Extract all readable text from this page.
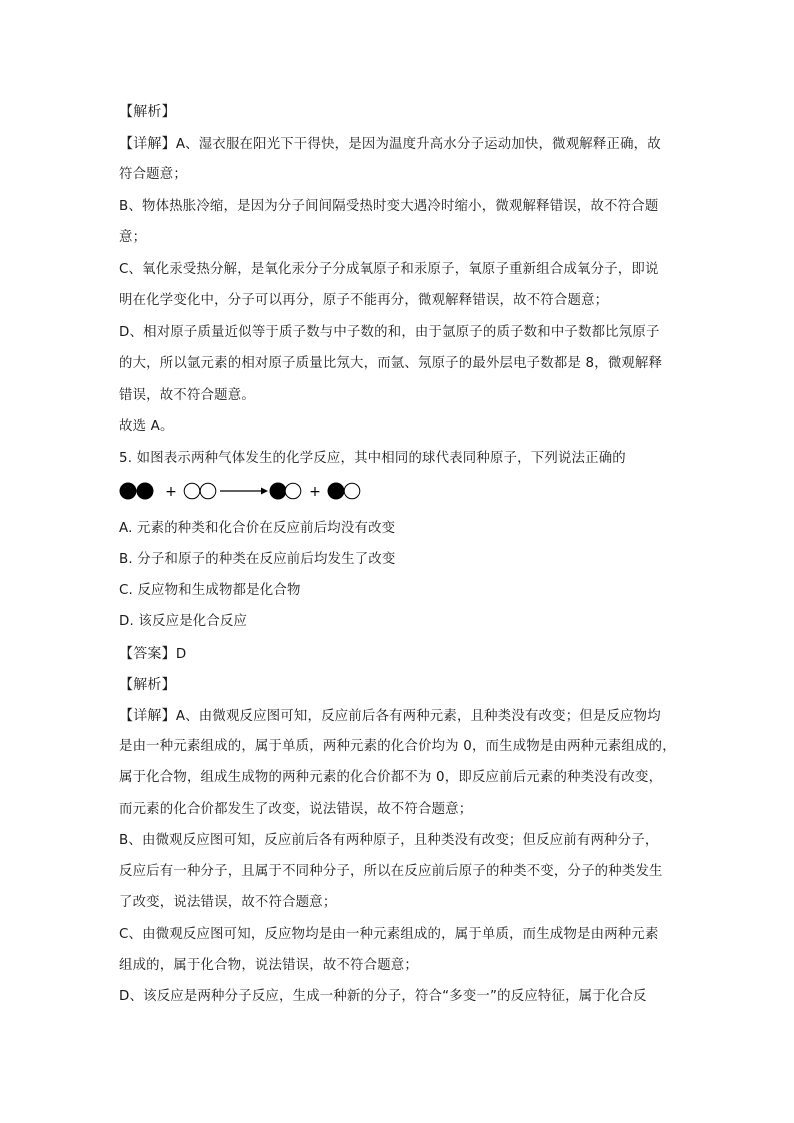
【解析】
【详解】A、湿衣服在阳光下干得快，是因为温度升高水分子运动加快，微观解释正确，故
符合题意；
B、物体热胀冷缩，是因为分子间间隔受热时变大遇冷时缩小，微观解释错误，故不符合题
意；
C、氧化汞受热分解，是氧化汞分子分成氧原子和汞原子，氧原子重新组合成氧分子，即说
明在化学变化中，分子可以再分，原子不能再分，微观解释错误，故不符合题意；
D、相对原子质量近似等于质子数与中子数的和，由于氩原子的质子数和中子数都比氖原子
的大，所以氩元素的相对原子质量比氖大，而氩、氖原子的最外层电子数都是 8，微观解释
错误，故不符合题意。
故选 A。
5. 如图表示两种气体发生的化学反应，其中相同的球代表同种原子，下列说法正确的
+	+
A. 元素的种类和化合价在反应前后均没有改变
B. 分子和原子的种类在反应前后均发生了改变
C. 反应物和生成物都是化合物
D. 该反应是化合反应
【答案】D
【解析】
【详解】A、由微观反应图可知，反应前后各有两种元素，且种类没有改变；但是反应物均
是由一种元素组成的，属于单质，两种元素的化合价均为 0，而生成物是由两种元素组成的，
属于化合物，组成生成物的两种元素的化合价都不为 0，即反应前后元素的种类没有改变，
而元素的化合价都发生了改变，说法错误，故不符合题意；
B、由微观反应图可知，反应前后各有两种原子，且种类没有改变；但反应前有两种分子，
反应后有一种分子，且属于不同种分子，所以在反应前后原子的种类不变，分子的种类发生
了改变，说法错误，故不符合题意；
C、由微观反应图可知，反应物均是由一种元素组成的，属于单质，而生成物是由两种元素
组成的，属于化合物，说法错误，故不符合题意；
D、该反应是两种分子反应，生成一种新的分子，符合“多变一”的反应特征，属于化合反
